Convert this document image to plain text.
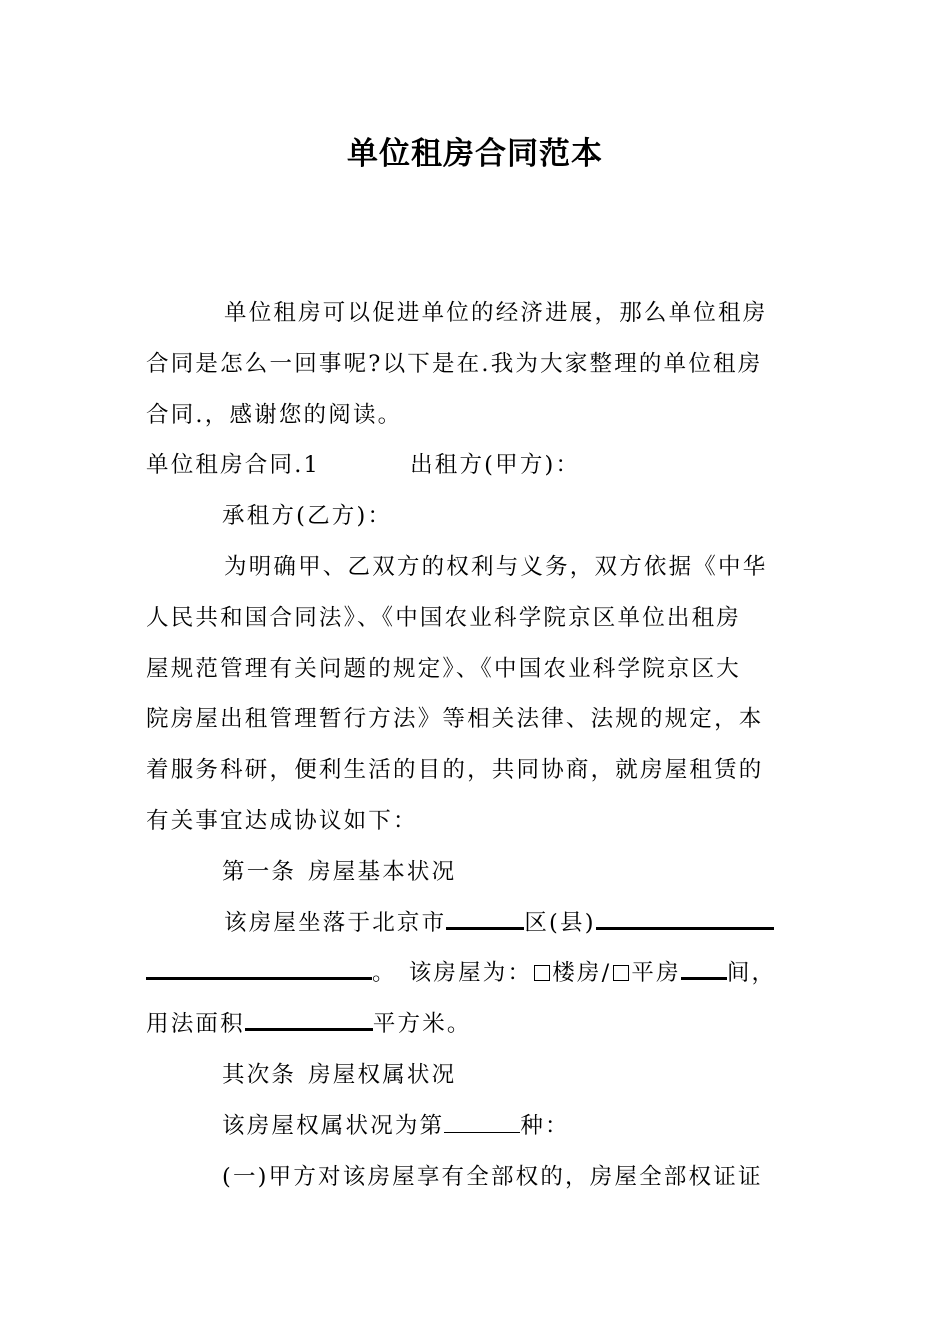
单位租房合同范本
单位租房可以促进单位的经济进展，那么单位租房
合同是怎么一回事呢?以下是在.我为大家整理的单位租房
合同.，感谢您的阅读。
单位租房合同.1	出租方(甲方)：
承租方(乙方)：
为明确甲、乙双方的权利与义务，双方依据《中华
人民共和国合同法》、《中国农业科学院京区单位出租房
屋规范管理有关问题的规定》、《中国农业科学院京区大
院房屋出租管理暂行方法》等相关法律、法规的规定，本
着服务科研，便利生活的目的，共同协商，就房屋租赁的
有关事宜达成协议如下：
第一条 房屋基本状况
该房屋坐落于北京市	区(县)
。 该房屋为： 楼房/ 平房 间，
用法面积	平方米。
其次条 房屋权属状况
该房屋权属状况为第	种：
(一)甲方对该房屋享有全部权的，房屋全部权证证
